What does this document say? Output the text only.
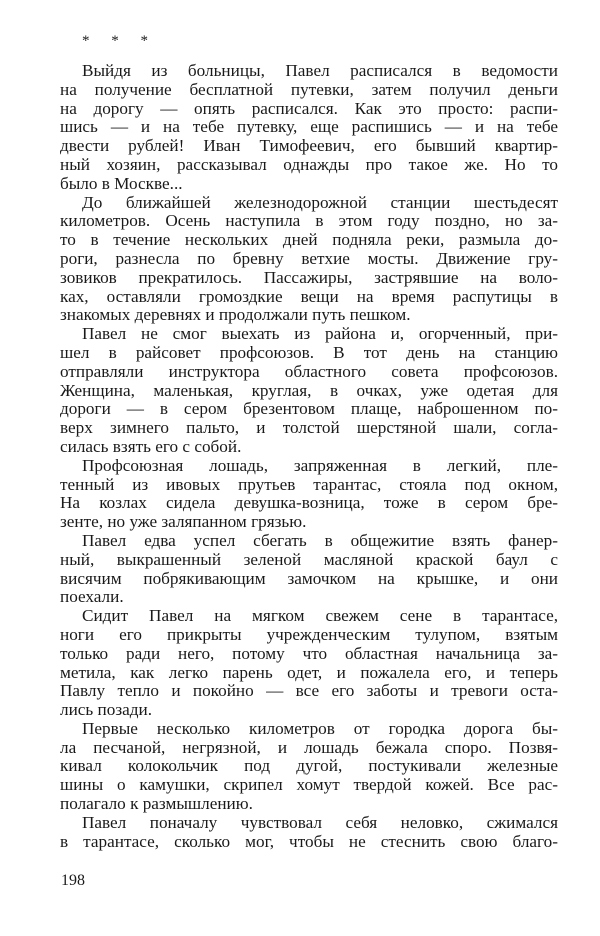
* * *
Выйдя из больницы, Павел расписался в ведомости
на получение бесплатной путевки, затем получил деньги
на дорогу — опять расписался. Как это просто: распи-
шись — и на тебе путевку, еще распишись — и на тебе
двести рублей! Иван Тимофеевич, его бывший квартир-
ный хозяин, рассказывал однажды про такое же. Но то
было в Москве...
До ближайшей железнодорожной станции шестьдесят
километров. Осень наступила в этом году поздно, но за-
то в течение нескольких дней подняла реки, размыла до-
роги, разнесла по бревну ветхие мосты. Движение гру-
зовиков прекратилось. Пассажиры, застрявшие на воло-
ках, оставляли громоздкие вещи на время распутицы в
знакомых деревнях и продолжали путь пешком.
Павел не смог выехать из района и, огорченный, при-
шел в райсовет профсоюзов. В тот день на станцию
отправляли инструктора областного совета профсоюзов.
Женщина, маленькая, круглая, в очках, уже одетая для
дороги — в сером брезентовом плаще, наброшенном по-
верх зимнего пальто, и толстой шерстяной шали, согла-
силась взять его с собой.
Профсоюзная лошадь, запряженная в легкий, пле-
тенный из ивовых прутьев тарантас, стояла под окном,
На козлах сидела девушка-возница, тоже в сером бре-
зенте, но уже заляпанном грязью.
Павел едва успел сбегать в общежитие взять фанер-
ный, выкрашенный зеленой масляной краской баул с
висячим побрякивающим замочком на крышке, и они
поехали.
Сидит Павел на мягком свежем сене в тарантасе,
ноги его прикрыты учрежденческим тулупом, взятым
только ради него, потому что областная начальница за-
метила, как легко парень одет, и пожалела его, и теперь
Павлу тепло и покойно — все его заботы и тревоги оста-
лись позади.
Первые несколько километров от городка дорога бы-
ла песчаной, негрязной, и лошадь бежала споро. Позвя-
кивал колокольчик под дугой, постукивали железные
шины о камушки, скрипел хомут твердой кожей. Все рас-
полагало к размышлению.
Павел поначалу чувствовал себя неловко, сжимался
в тарантасе, сколько мог, чтобы не стеснить свою благо-
198
